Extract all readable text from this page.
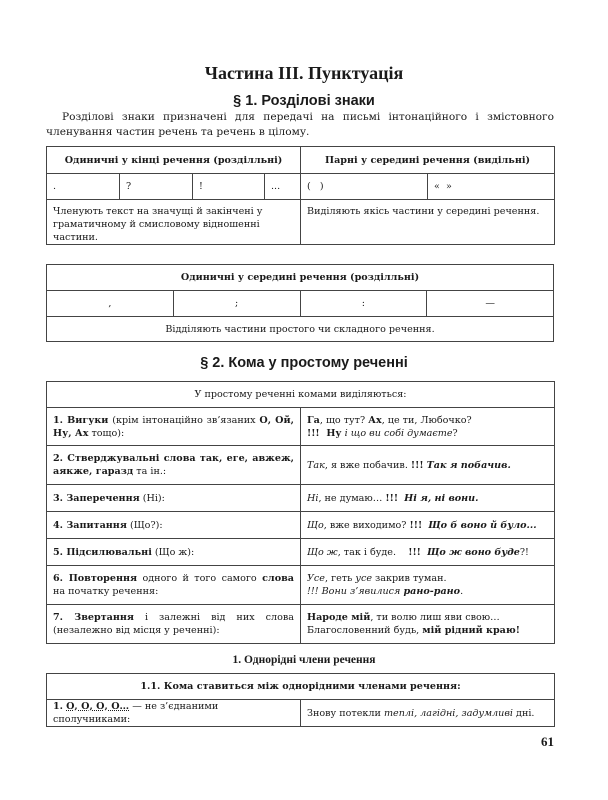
Частина ІІІ. Пунктуація
§ 1. Розділові знаки
Розділові знаки призначені для передачі на письмі інтонаційного і змістовного членування частин речень та речень в цілому.
Одиничні у кінці речення (розділльні)				Парні у середині речення (видільні)	
.	?	!	...	(   )	«  »
Членують текст на значущі й закінчені у граматичному й смисловому відношенні частини.				Виділяють якісь частини у середині речення.	
Одиничні у середині речення (розділльні)
,	;	:	—
Відділяють частини простого чи складного речення.
§ 2. Кома у простому реченні
У простому реченні комами виділяються:	
1. Вигуки (крім інтонаційно зв’язаних О, Ой, Ну, Ах тощо):	Га, що тут? Ах, це ти, Любочко?
!!!  Ну і що ви собі думаєте?
2. Стверджувальні слова так, еге, авжеж, аякже, гаразд та ін.:	Так, я вже побачив. !!! Так я побачив.
3. Заперечення (Ні):	Ні, не думаю… !!! Ні я, ні вони.
4. Запитання (Що?):	Що, вже виходимо? !!! Що б воно й було...
5. Підсилювальні (Що ж):	Що ж, так і буде.    !!! Що ж воно буде?!
6. Повторення одного й того самого слова на початку речення:	Усе, геть усе закрив туман.
!!! Вони з’явилися рано-рано.
7. Звертання і залежні від них слова (незалежно від місця у реченні):	Народе мій, ти волю лиш яви свою…
Благословенний будь, мій рідний краю!
1. Однорідні члени речення
1.1. Кома ставиться між однорідними членами речення:
1. О, О, О, О… — не з’єднаними сполучниками:	Знову потекли теплі, лагідні, задумливі дні.
61
